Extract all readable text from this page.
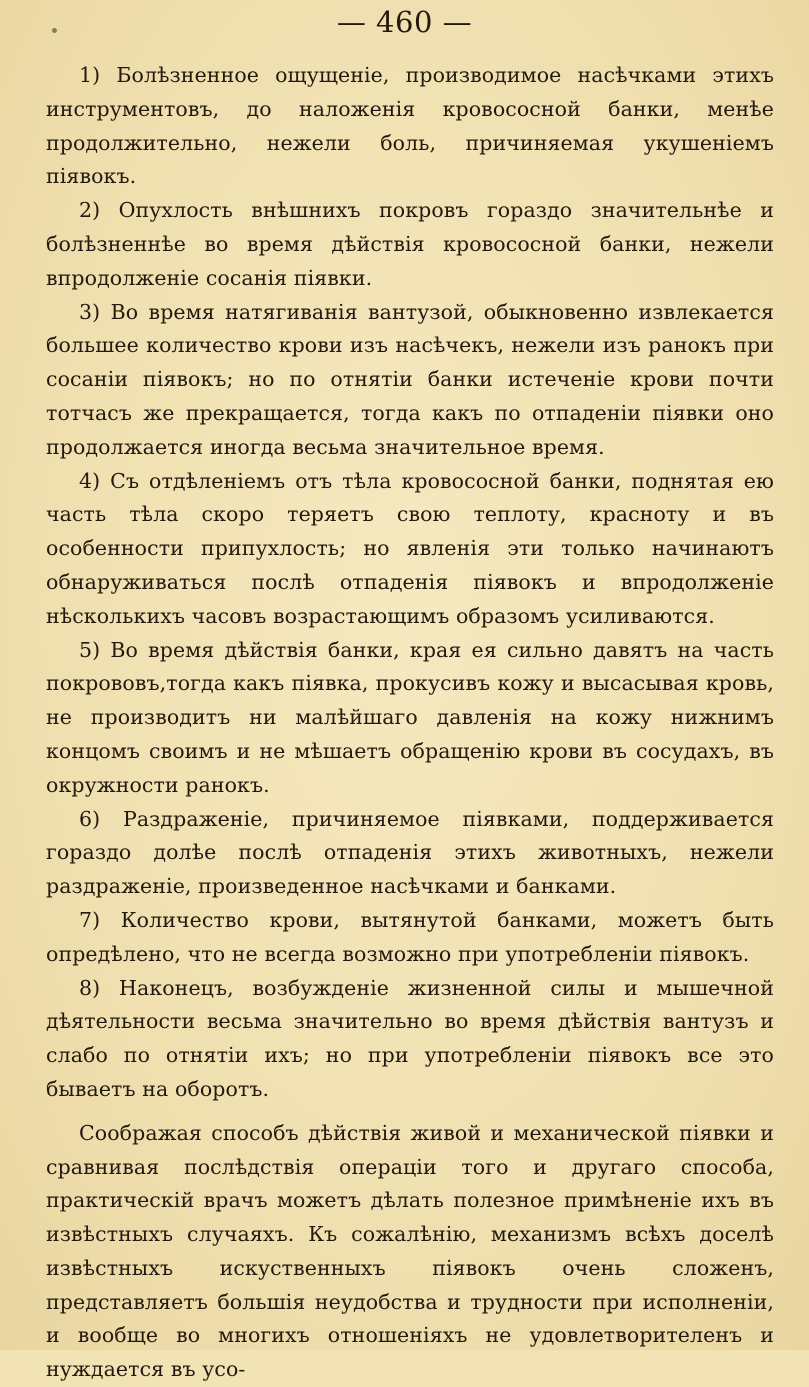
— 460 —

1) Болѣзненное ощущеніе, производимое насѣчками этихъ инструментовъ, до наложенія кровососной банки, менѣе продолжительно, нежели боль, причиняемая укушеніемъ піявокъ.

2) Опухлость внѣшнихъ покровъ гораздо значительнѣе и болѣзненнѣе во время дѣйствія кровососной банки, нежели впродолженіе сосанія піявки.

3) Во время натягиванія вантузой, обыкновенно извлекается большее количество крови изъ насѣчекъ, нежели изъ ранокъ при сосаніи піявокъ; но по отнятіи банки истеченіе крови почти тотчасъ же прекращается, тогда какъ по отпаденіи піявки оно продолжается иногда весьма значительное время.

4) Съ отдѣленіемъ отъ тѣла кровососной банки, поднятая ею часть тѣла скоро теряетъ свою теплоту, красноту и въ особенности припухлость; но явленія эти только начинаютъ обнаруживаться послѣ отпаденія піявокъ и впродолженіе нѣсколькихъ часовъ возрастающимъ образомъ усиливаются.

5) Во время дѣйствія банки, края ея сильно давятъ на часть покрововъ,тогда какъ піявка, прокусивъ кожу и высасывая кровь, не производитъ ни малѣйшаго давленія на кожу нижнимъ концомъ своимъ и не мѣшаетъ обращенію крови въ сосудахъ, въ окружности ранокъ.

6) Раздраженіе, причиняемое піявками, поддерживается гораздо долѣе послѣ отпаденія этихъ животныхъ, нежели раздраженіе, произведенное насѣчками и банками.

7) Количество крови, вытянутой банками, можетъ быть опредѣлено, что не всегда возможно при употребленіи піявокъ.

8) Наконецъ, возбужденіе жизненной силы и мышечной дѣятельности весьма значительно во время дѣйствія вантузъ и слабо по отнятіи ихъ; но при употребленіи піявокъ все это бываетъ на оборотъ.

Соображая способъ дѣйствія живой и механической піявки и сравнивая послѣдствія операціи того и другаго способа, практическій врачъ можетъ дѣлать полезное примѣненіе ихъ въ извѣстныхъ случаяхъ. Къ сожалѣнію, механизмъ всѣхъ доселѣ извѣстныхъ искуственныхъ піявокъ очень сложенъ, представляетъ большія неудобства и трудности при исполненіи, и вообще во многихъ отношеніяхъ не удовлетворителенъ и нуждается въ усо-
